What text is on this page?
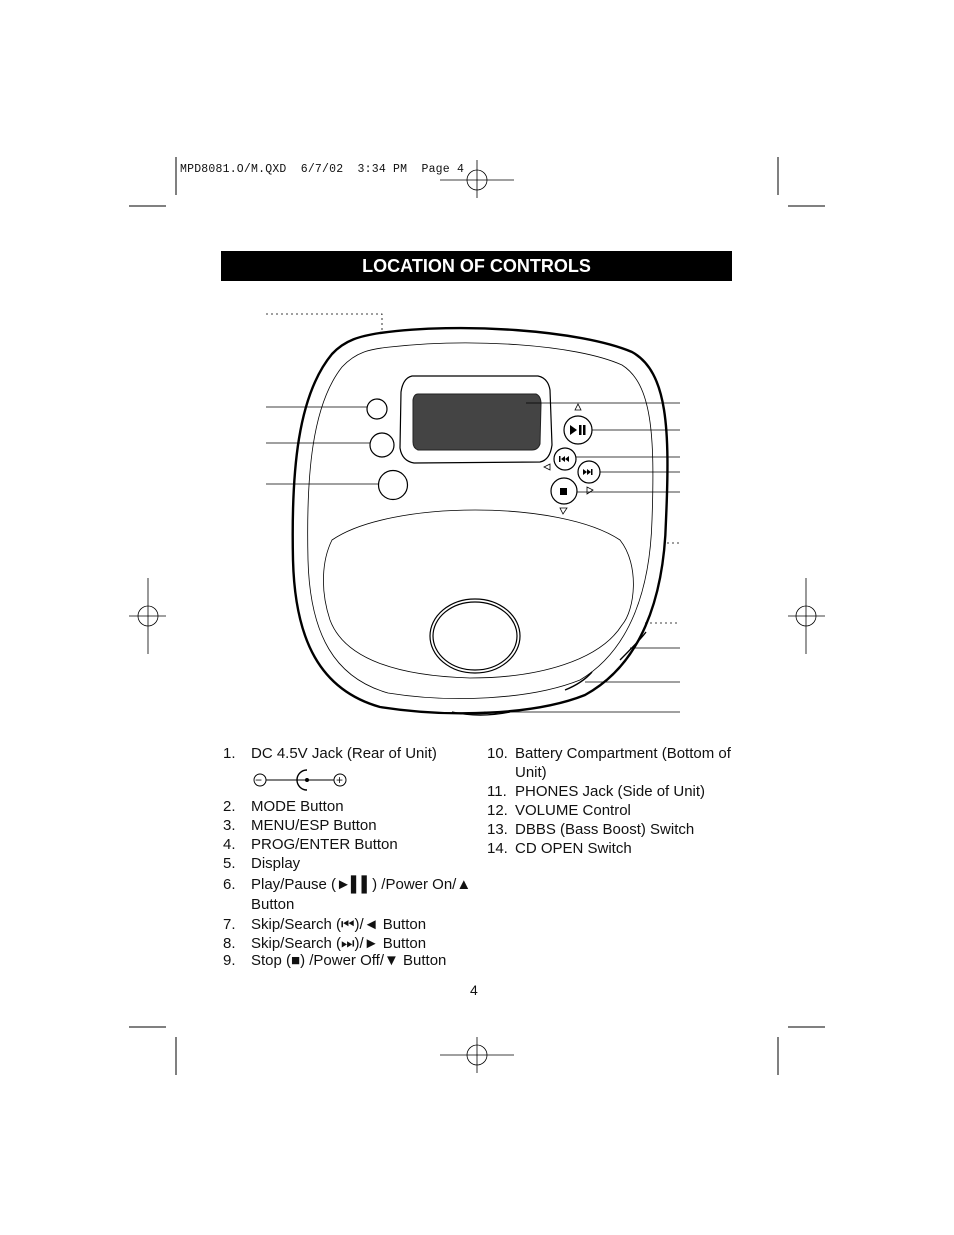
MPD8081.O/M.QXD 6/7/02 3:34 PM Page 4
LOCATION OF CONTROLS
1.	DC 4.5V Jack (Rear of Unit)
−	+
2.	MODE Button
3.	MENU/ESP Button
4.	PROG/ENTER Button
5.	Display
6.	Play/Pause (►▌▌) /Power On/▲ Button
7.	Skip/Search (⏮)/◄ Button
8.	Skip/Search (⏭)/► Button
9.	Stop (■) /Power Off/▼ Button
10. Battery Compartment (Bottom of Unit)
11. PHONES Jack (Side of Unit)
12. VOLUME Control
13. DBBS (Bass Boost) Switch
14. CD OPEN Switch
4
